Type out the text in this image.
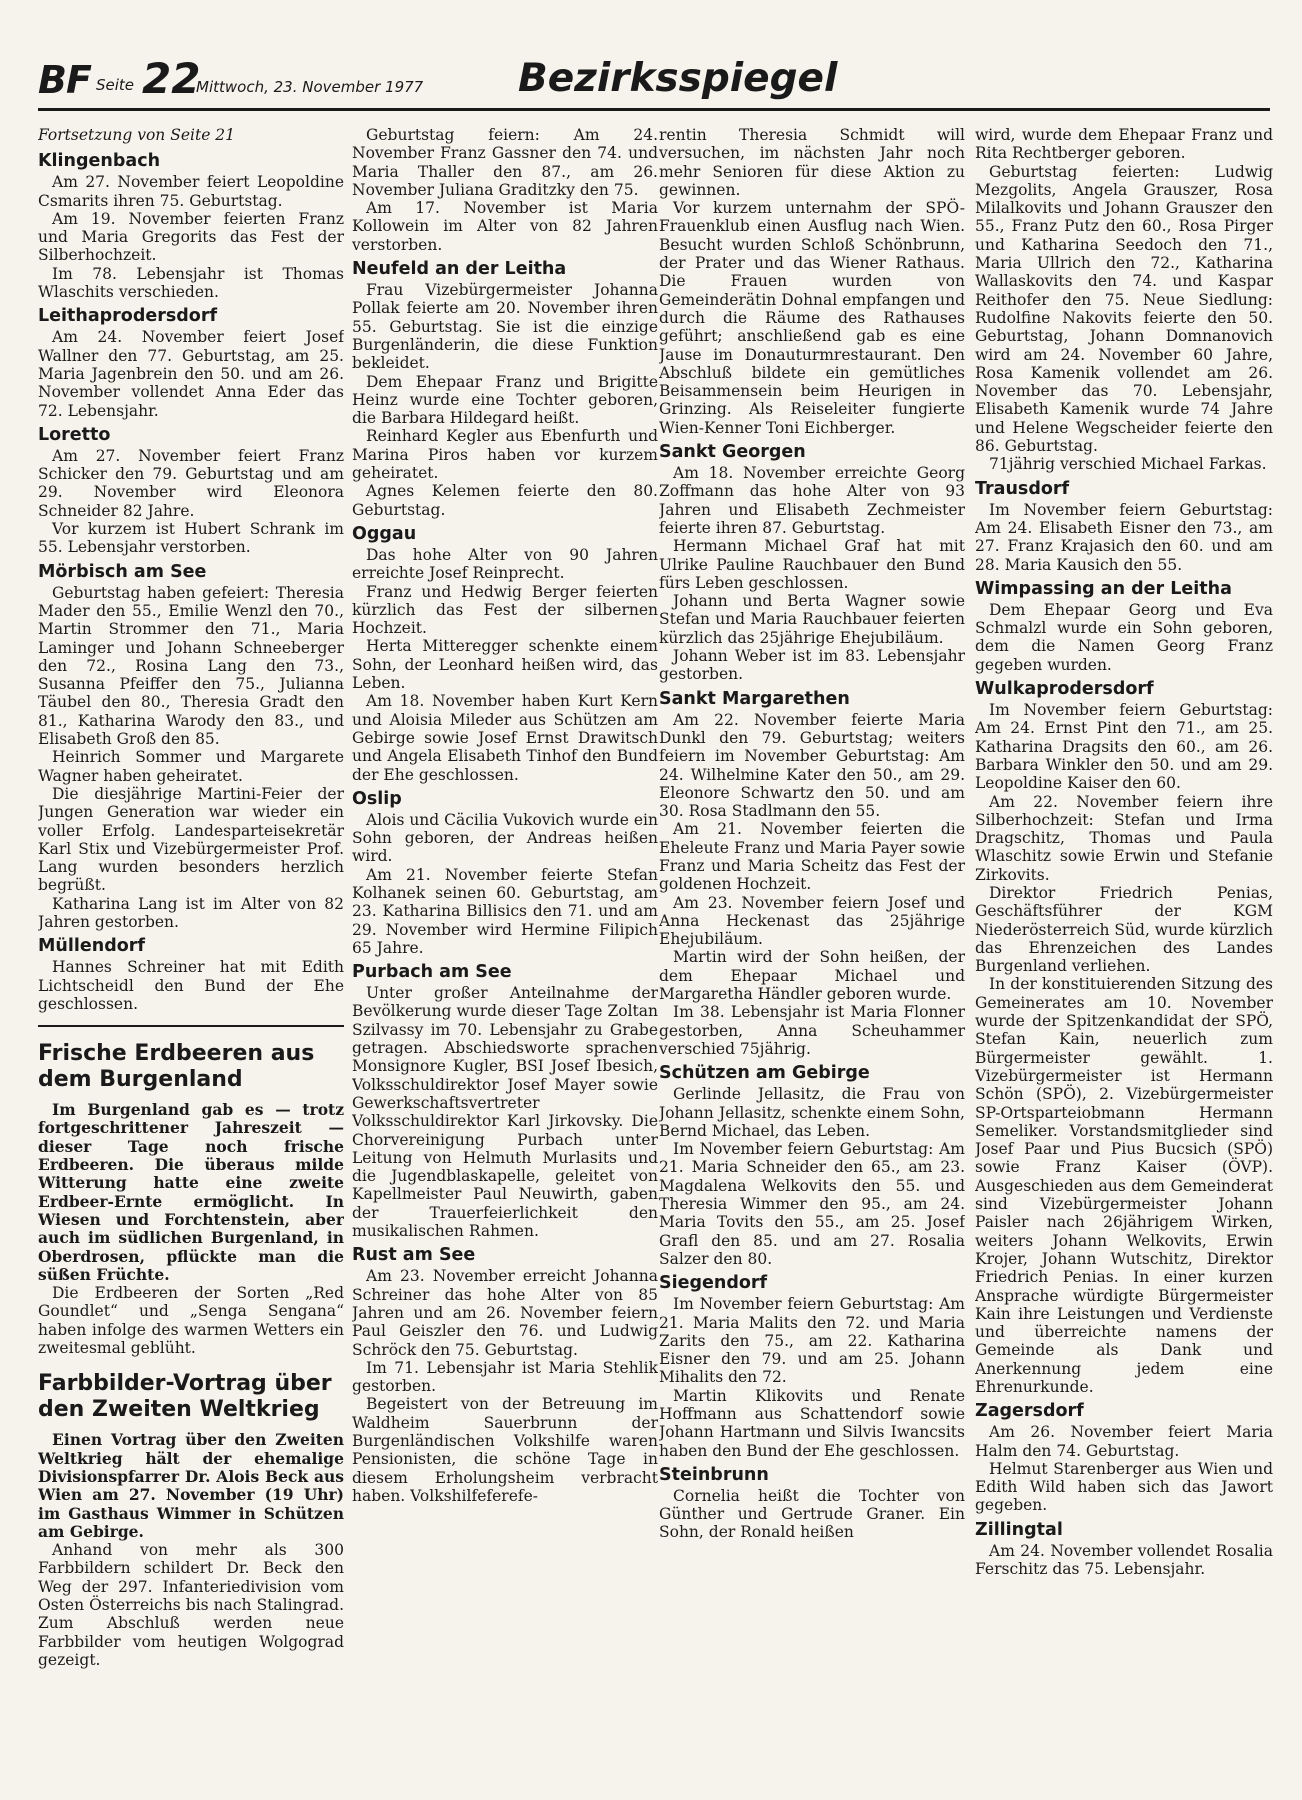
BF Seite 22
Mittwoch, 23. November 1977 Bezirksspiegel

Fortsetzung von Seite 21

Klingenbach

Am 27. November feiert Leopoldine Csmarits ihren 75. Geburtstag.

Am 19. November feierten Franz und Maria Gregorits das Fest der Silberhochzeit.

Im 78. Lebensjahr ist Thomas Wlaschits verschieden.

Leithaprodersdorf

Am 24. November feiert Josef Wallner den 77. Geburtstag, am 25. Maria Jagenbrein den 50. und am 26. November vollendet Anna Eder das 72. Lebensjahr.

Loretto

Am 27. November feiert Franz Schicker den 79. Geburtstag und am 29. November wird Eleonora Schneider 82 Jahre.

Vor kurzem ist Hubert Schrank im 55. Lebensjahr verstorben.

Mörbisch am See

Geburtstag haben gefeiert: Theresia Mader den 55., Emilie Wenzl den 70., Martin Strommer den 71., Maria Laminger und Johann Schneeberger den 72., Rosina Lang den 73., Susanna Pfeiffer den 75., Julianna Täubel den 80., Theresia Gradt den 81., Katharina Warody den 83., und Elisabeth Groß den 85.

Heinrich Sommer und Margarete Wagner haben geheiratet.

Die diesjährige Martini-Feier der Jungen Generation war wieder ein voller Erfolg. Landesparteisekretär Karl Stix und Vizebürgermeister Prof. Lang wurden besonders herzlich begrüßt.

Katharina Lang ist im Alter von 82 Jahren gestorben.

Müllendorf

Hannes Schreiner hat mit Edith Lichtscheidl den Bund der Ehe geschlossen.

Frische Erdbeeren aus dem Burgenland

Im Burgenland gab es — trotz fortgeschrittener Jahreszeit — dieser Tage noch frische Erdbeeren. Die überaus milde Witterung hatte eine zweite Erdbeer-Ernte ermöglicht. In Wiesen und Forchtenstein, aber auch im südlichen Burgenland, in Oberdrosen, pflückte man die süßen Früchte.

Die Erdbeeren der Sorten „Red Goundlet“ und „Senga Sengana“ haben infolge des warmen Wetters ein zweitesmal geblüht.

Farbbilder-Vortrag über den Zweiten Weltkrieg

Einen Vortrag über den Zweiten Weltkrieg hält der ehemalige Divisionspfarrer Dr. Alois Beck aus Wien am 27. November (19 Uhr) im Gasthaus Wimmer in Schützen am Gebirge.

Anhand von mehr als 300 Farbbildern schildert Dr. Beck den Weg der 297. Infanteriedivision vom Osten Österreichs bis nach Stalingrad. Zum Abschluß werden neue Farbbilder vom heutigen Wolgograd gezeigt.

Geburtstag feiern: Am 24. November Franz Gassner den 74. und Maria Thaller den 87., am 26. November Juliana Graditzky den 75.

Am 17. November ist Maria Kollowein im Alter von 82 Jahren verstorben.

Neufeld an der Leitha

Frau Vizebürgermeister Johanna Pollak feierte am 20. November ihren 55. Geburtstag. Sie ist die einzige Burgenländerin, die diese Funktion bekleidet.

Dem Ehepaar Franz und Brigitte Heinz wurde eine Tochter geboren, die Barbara Hildegard heißt.

Reinhard Kegler aus Ebenfurth und Marina Piros haben vor kurzem geheiratet.

Agnes Kelemen feierte den 80. Geburtstag.

Oggau

Das hohe Alter von 90 Jahren erreichte Josef Reinprecht.

Franz und Hedwig Berger feierten kürzlich das Fest der silbernen Hochzeit.

Herta Mitteregger schenkte einem Sohn, der Leonhard heißen wird, das Leben.

Am 18. November haben Kurt Kern und Aloisia Mileder aus Schützen am Gebirge sowie Josef Ernst Drawitsch und Angela Elisabeth Tinhof den Bund der Ehe geschlossen.

Oslip

Alois und Cäcilia Vukovich wurde ein Sohn geboren, der Andreas heißen wird.

Am 21. November feierte Stefan Kolhanek seinen 60. Geburtstag, am 23. Katharina Billisics den 71. und am 29. November wird Hermine Filipich 65 Jahre.

Purbach am See

Unter großer Anteilnahme der Bevölkerung wurde dieser Tage Zoltan Szilvassy im 70. Lebensjahr zu Grabe getragen. Abschiedsworte sprachen Monsignore Kugler, BSI Josef Ibesich, Volksschuldirektor Josef Mayer sowie Gewerkschaftsvertreter Volksschuldirektor Karl Jirkovsky. Die Chorvereinigung Purbach unter Leitung von Helmuth Murlasits und die Jugendblaskapelle, geleitet von Kapellmeister Paul Neuwirth, gaben der Trauerfeierlichkeit den musikalischen Rahmen.

Rust am See

Am 23. November erreicht Johanna Schreiner das hohe Alter von 85 Jahren und am 26. November feiern Paul Geiszler den 76. und Ludwig Schröck den 75. Geburtstag.

Im 71. Lebensjahr ist Maria Stehlik gestorben.

Begeistert von der Betreuung im Waldheim Sauerbrunn der Burgenländischen Volkshilfe waren Pensionisten, die schöne Tage in diesem Erholungsheim verbracht haben. Volkshilfeferefe-

rentin Theresia Schmidt will versuchen, im nächsten Jahr noch mehr Senioren für diese Aktion zu gewinnen.

Vor kurzem unternahm der SPÖ-Frauenklub einen Ausflug nach Wien. Besucht wurden Schloß Schönbrunn, der Prater und das Wiener Rathaus. Die Frauen wurden von Gemeinderätin Dohnal empfangen und durch die Räume des Rathauses geführt; anschließend gab es eine Jause im Donauturmrestaurant. Den Abschluß bildete ein gemütliches Beisammensein beim Heurigen in Grinzing. Als Reiseleiter fungierte Wien-Kenner Toni Eichberger.

Sankt Georgen

Am 18. November erreichte Georg Zoffmann das hohe Alter von 93 Jahren und Elisabeth Zechmeister feierte ihren 87. Geburtstag.

Hermann Michael Graf hat mit Ulrike Pauline Rauchbauer den Bund fürs Leben geschlossen.

Johann und Berta Wagner sowie Stefan und Maria Rauchbauer feierten kürzlich das 25jährige Ehejubiläum.

Johann Weber ist im 83. Lebensjahr gestorben.

Sankt Margarethen

Am 22. November feierte Maria Dunkl den 79. Geburtstag; weiters feiern im November Geburtstag: Am 24. Wilhelmine Kater den 50., am 29. Eleonore Schwartz den 50. und am 30. Rosa Stadlmann den 55.

Am 21. November feierten die Eheleute Franz und Maria Payer sowie Franz und Maria Scheitz das Fest der goldenen Hochzeit.

Am 23. November feiern Josef und Anna Heckenast das 25jährige Ehejubiläum.

Martin wird der Sohn heißen, der dem Ehepaar Michael und Margaretha Händler geboren wurde.

Im 38. Lebensjahr ist Maria Flonner gestorben, Anna Scheuhammer verschied 75jährig.

Schützen am Gebirge

Gerlinde Jellasitz, die Frau von Johann Jellasitz, schenkte einem Sohn, Bernd Michael, das Leben.

Im November feiern Geburtstag: Am 21. Maria Schneider den 65., am 23. Magdalena Welkovits den 55. und Theresia Wimmer den 95., am 24. Maria Tovits den 55., am 25. Josef Grafl den 85. und am 27. Rosalia Salzer den 80.

Siegendorf

Im November feiern Geburtstag: Am 21. Maria Malits den 72. und Maria Zarits den 75., am 22. Katharina Eisner den 79. und am 25. Johann Mihalits den 72.

Martin Klikovits und Renate Hoffmann aus Schattendorf sowie Johann Hartmann und Silvis Iwancsits haben den Bund der Ehe geschlossen.

Steinbrunn

Cornelia heißt die Tochter von Günther und Gertrude Graner. Ein Sohn, der Ronald heißen

wird, wurde dem Ehepaar Franz und Rita Rechtberger geboren.

Geburtstag feierten: Ludwig Mezgolits, Angela Grauszer, Rosa Milalkovits und Johann Grauszer den 55., Franz Putz den 60., Rosa Pirger und Katharina Seedoch den 71., Maria Ullrich den 72., Katharina Wallaskovits den 74. und Kaspar Reithofer den 75. Neue Siedlung: Rudolfine Nakovits feierte den 50. Geburtstag, Johann Domnanovich wird am 24. November 60 Jahre, Rosa Kamenik vollendet am 26. November das 70. Lebensjahr, Elisabeth Kamenik wurde 74 Jahre und Helene Wegscheider feierte den 86. Geburtstag.

71jährig verschied Michael Farkas.

Trausdorf

Im November feiern Geburtstag: Am 24. Elisabeth Eisner den 73., am 27. Franz Krajasich den 60. und am 28. Maria Kausich den 55.

Wimpassing an der Leitha

Dem Ehepaar Georg und Eva Schmalzl wurde ein Sohn geboren, dem die Namen Georg Franz gegeben wurden.

Wulkaprodersdorf

Im November feiern Geburtstag: Am 24. Ernst Pint den 71., am 25. Katharina Dragsits den 60., am 26. Barbara Winkler den 50. und am 29. Leopoldine Kaiser den 60.

Am 22. November feiern ihre Silberhochzeit: Stefan und Irma Dragschitz, Thomas und Paula Wlaschitz sowie Erwin und Stefanie Zirkovits.

Direktor Friedrich Penias, Geschäftsführer der KGM Niederösterreich Süd, wurde kürzlich das Ehrenzeichen des Landes Burgenland verliehen.

In der konstituierenden Sitzung des Gemeinerates am 10. November wurde der Spitzenkandidat der SPÖ, Stefan Kain, neuerlich zum Bürgermeister gewählt. 1. Vizebürgermeister ist Hermann Schön (SPÖ), 2. Vizebürgermeister SP-Ortsparteiobmann Hermann Semeliker. Vorstandsmitglieder sind Josef Paar und Pius Bucsich (SPÖ) sowie Franz Kaiser (ÖVP). Ausgeschieden aus dem Gemeinderat sind Vizebürgermeister Johann Paisler nach 26jährigem Wirken, weiters Johann Welkovits, Erwin Krojer, Johann Wutschitz, Direktor Friedrich Penias. In einer kurzen Ansprache würdigte Bürgermeister Kain ihre Leistungen und Verdienste und überreichte namens der Gemeinde als Dank und Anerkennung jedem eine Ehrenurkunde.

Zagersdorf

Am 26. November feiert Maria Halm den 74. Geburtstag.

Helmut Starenberger aus Wien und Edith Wild haben sich das Jawort gegeben.

Zillingtal

Am 24. November vollendet Rosalia Ferschitz das 75. Lebensjahr.
